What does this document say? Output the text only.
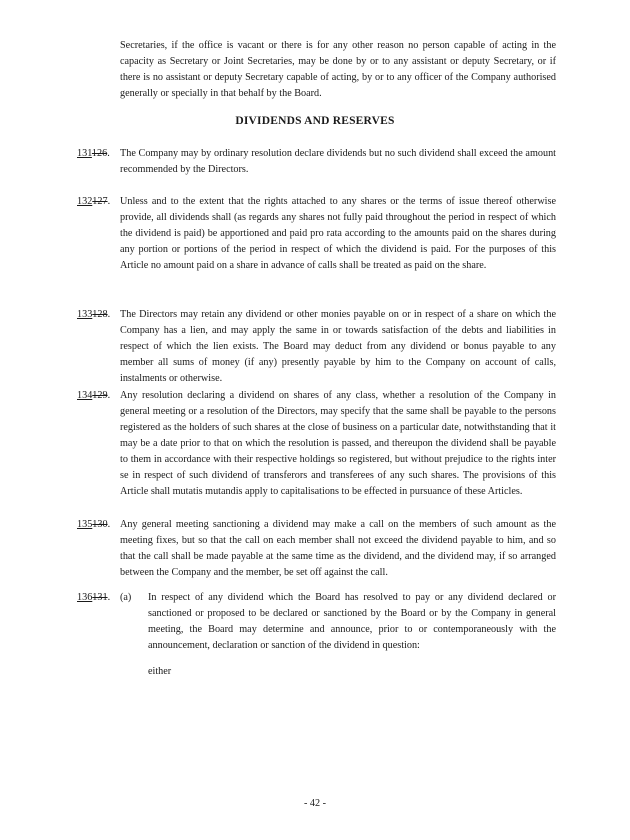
Secretaries, if the office is vacant or there is for any other reason no person capable of acting in the capacity as Secretary or Joint Secretaries, may be done by or to any assistant or deputy Secretary, or if there is no assistant or deputy Secretary capable of acting, by or to any officer of the Company authorised generally or specially in that behalf by the Board.

DIVIDENDS AND RESERVES
131126. The Company may by ordinary resolution declare dividends but no such dividend shall exceed the amount recommended by the Directors.

132127. Unless and to the extent that the rights attached to any shares or the terms of issue thereof otherwise provide, all dividends shall (as regards any shares not fully paid throughout the period in respect of which the dividend is paid) be apportioned and paid pro rata according to the amounts paid on the shares during any portion or portions of the period in respect of which the dividend is paid. For the purposes of this Article no amount paid on a share in advance of calls shall be treated as paid on the share.

133128. The Directors may retain any dividend or other monies payable on or in respect of a share on which the Company has a lien, and may apply the same in or towards satisfaction of the debts and liabilities in respect of which the lien exists. The Board may deduct from any dividend or bonus payable to any member all sums of money (if any) presently payable by him to the Company on account of calls, instalments or otherwise.

134129. Any resolution declaring a dividend on shares of any class, whether a resolution of the Company in general meeting or a resolution of the Directors, may specify that the same shall be payable to the persons registered as the holders of such shares at the close of business on a particular date, notwithstanding that it may be a date prior to that on which the resolution is passed, and thereupon the dividend shall be payable to them in accordance with their respective holdings so registered, but without prejudice to the rights inter se in respect of such dividend of transferors and transferees of any such shares. The provisions of this Article shall mutatis mutandis apply to capitalisations to be effected in pursuance of these Articles.

135130. Any general meeting sanctioning a dividend may make a call on the members of such amount as the meeting fixes, but so that the call on each member shall not exceed the dividend payable to him, and so that the call shall be made payable at the same time as the dividend, and the dividend may, if so arranged between the Company and the member, be set off against the call.

136131. (a) In respect of any dividend which the Board has resolved to pay or any dividend declared or sanctioned or proposed to be declared or sanctioned by the Board or by the Company in general meeting, the Board may determine and announce, prior to or contemporaneously with the announcement, declaration or sanction of the dividend in question:

either
- 42 -
